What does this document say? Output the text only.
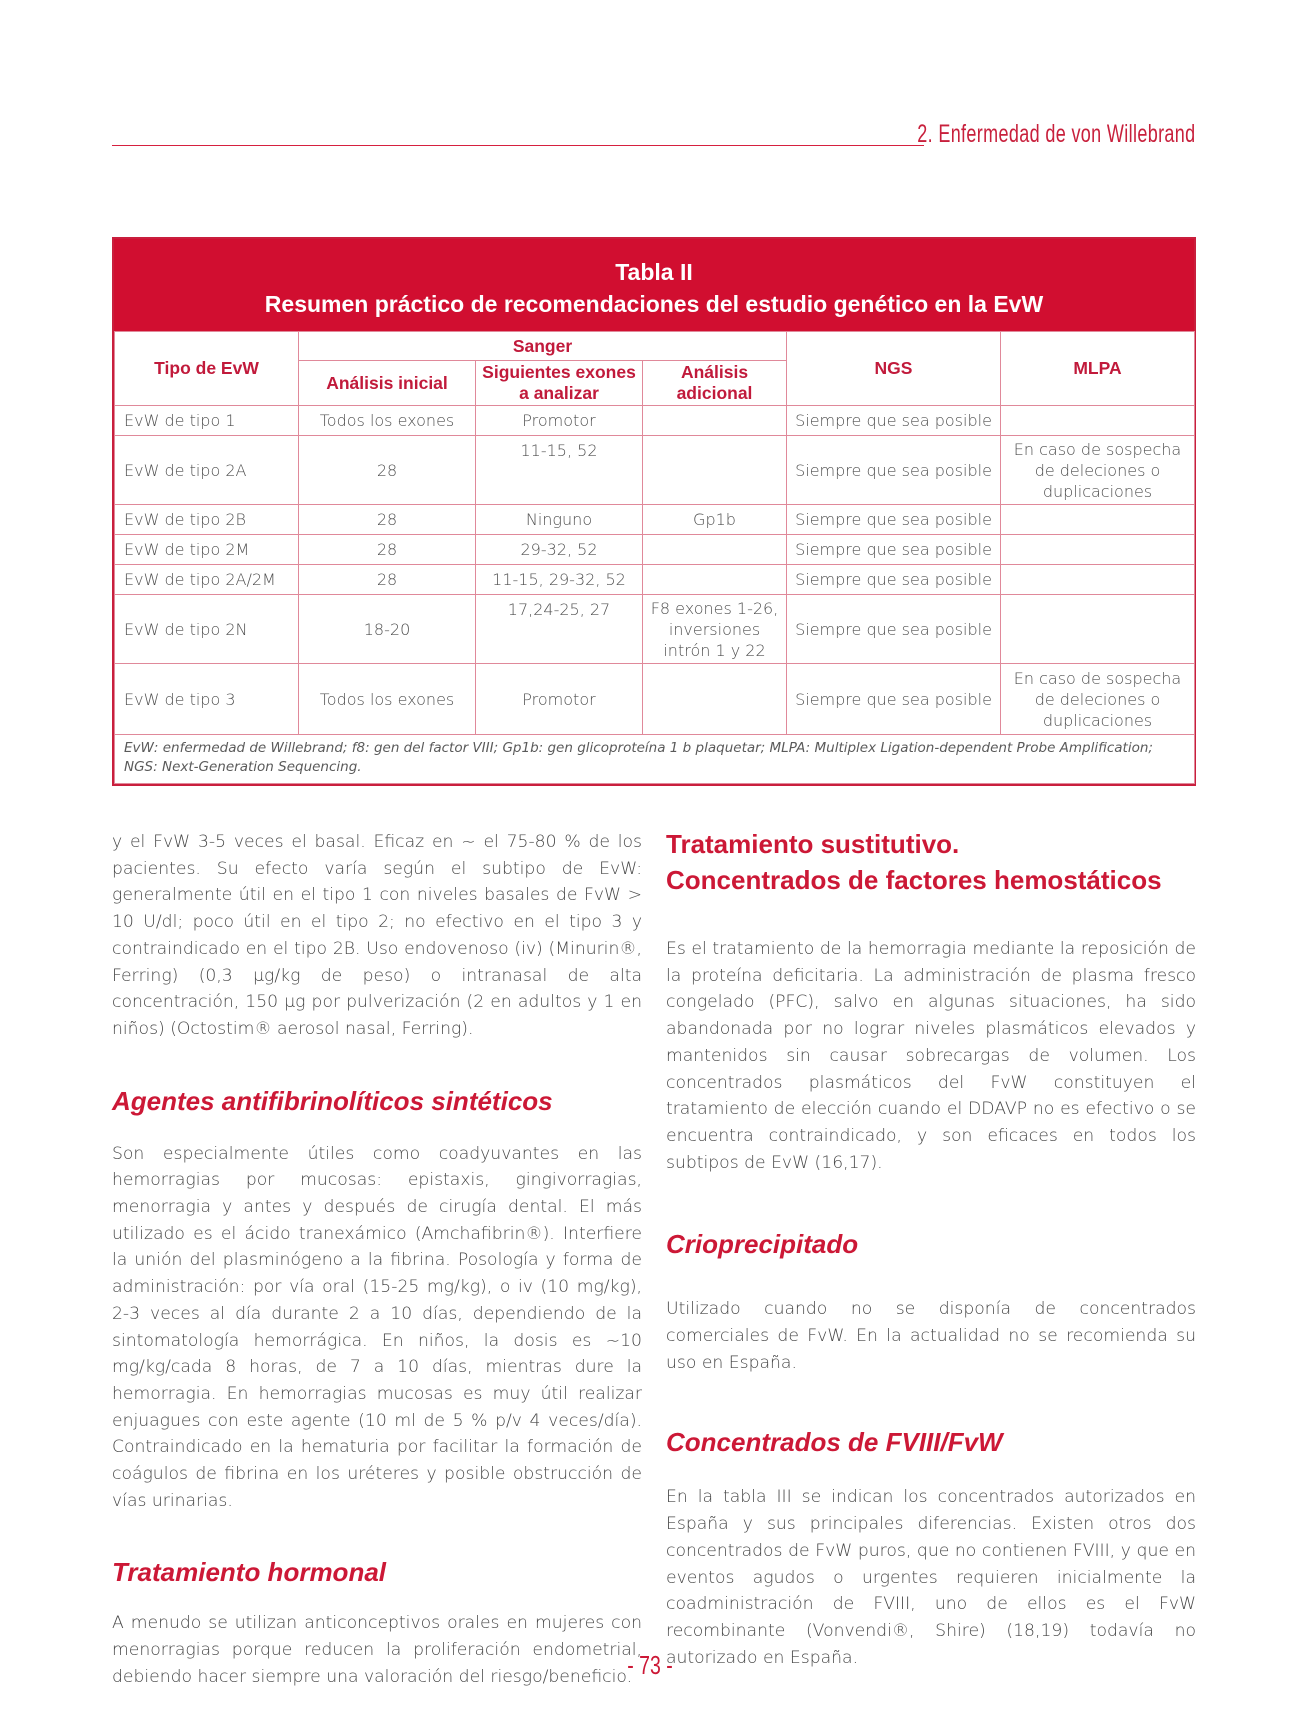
2. Enfermedad de von Willebrand
Tabla II
Resumen práctico de recomendaciones del estudio genético en la EvW
Tipo de EvW	Sanger			NGS	MLPA
	Análisis inicial	Siguientes exones a analizar	Análisis adicional		
EvW de tipo 1	Todos los exones	Promotor		Siempre que sea posible	
EvW de tipo 2A	28	11-15, 52		Siempre que sea posible	En caso de sospecha de deleciones o duplicaciones
EvW de tipo 2B	28	Ninguno	Gp1b	Siempre que sea posible	
EvW de tipo 2M	28	29-32, 52		Siempre que sea posible	
EvW de tipo 2A/2M	28	11-15, 29-32, 52		Siempre que sea posible	
EvW de tipo 2N	18-20	17,24-25, 27	F8 exones 1-26, inversiones intrón 1 y 22	Siempre que sea posible	
EvW de tipo 3	Todos los exones	Promotor		Siempre que sea posible	En caso de sospecha de deleciones o duplicaciones

EvW: enfermedad de Willebrand; f8: gen del factor VIII; Gp1b: gen glicoproteína 1 b plaquetar; MLPA: Multiplex Ligation-dependent Probe Amplification;
NGS: Next-Generation Sequencing.					

y el FvW 3-5 veces el basal. Eficaz en ~ el 75-80 % de los pacientes. Su efecto varía según el subtipo de EvW: generalmente útil en el tipo 1 con niveles basales de FvW > 10 U/dl; poco útil en el tipo 2; no efectivo en el tipo 3 y contraindicado en el tipo 2B. Uso endovenoso (iv) (Minurin®, Ferring) (0,3 µg/kg de peso) o intranasal de alta concentración, 150 µg por pulverización (2 en adultos y 1 en niños) (Octostim® aerosol nasal, Ferring).

Agentes antifibrinolíticos sintéticos

Son especialmente útiles como coadyuvantes en las hemorragias por mucosas: epistaxis, gingivorragias, menorragia y antes y después de cirugía dental. El más utilizado es el ácido tranexámico (Amchafibrin®). Interfiere la unión del plasminógeno a la fibrina. Posología y forma de administración: por vía oral (15-25 mg/kg), o iv (10 mg/kg), 2-3 veces al día durante 2 a 10 días, dependiendo de la sintomatología hemorrágica. En niños, la dosis es ~10 mg/kg/cada 8 horas, de 7 a 10 días, mientras dure la hemorragia. En hemorragias mucosas es muy útil realizar enjuagues con este agente (10 ml de 5 % p/v 4 veces/día). Contraindicado en la hematuria por facilitar la formación de coágulos de fibrina en los uréteres y posible obstrucción de vías urinarias.

Tratamiento hormonal

A menudo se utilizan anticonceptivos orales en mujeres con menorragias porque reducen la proliferación endometrial, debiendo hacer siempre una valoración del riesgo/beneficio.

Tratamiento sustitutivo.
Concentrados de factores hemostáticos

Es el tratamiento de la hemorragia mediante la reposición de la proteína deficitaria. La administración de plasma fresco congelado (PFC), salvo en algunas situaciones, ha sido abandonada por no lograr niveles plasmáticos elevados y mantenidos sin causar sobrecargas de volumen. Los concentrados plasmáticos del FvW constituyen el tratamiento de elección cuando el DDAVP no es efectivo o se encuentra contraindicado, y son eficaces en todos los subtipos de EvW (16,17).

Crioprecipitado

Utilizado cuando no se disponía de concentrados comerciales de FvW. En la actualidad no se recomienda su uso en España.

Concentrados de FVIII/FvW

En la tabla III se indican los concentrados autorizados en España y sus principales diferencias. Existen otros dos concentrados de FvW puros, que no contienen FVIII, y que en eventos agudos o urgentes requieren inicialmente la coadministración de FVIII, uno de ellos es el FvW recombinante (Vonvendi®, Shire) (18,19) todavía no autorizado en España.

- 73 -
